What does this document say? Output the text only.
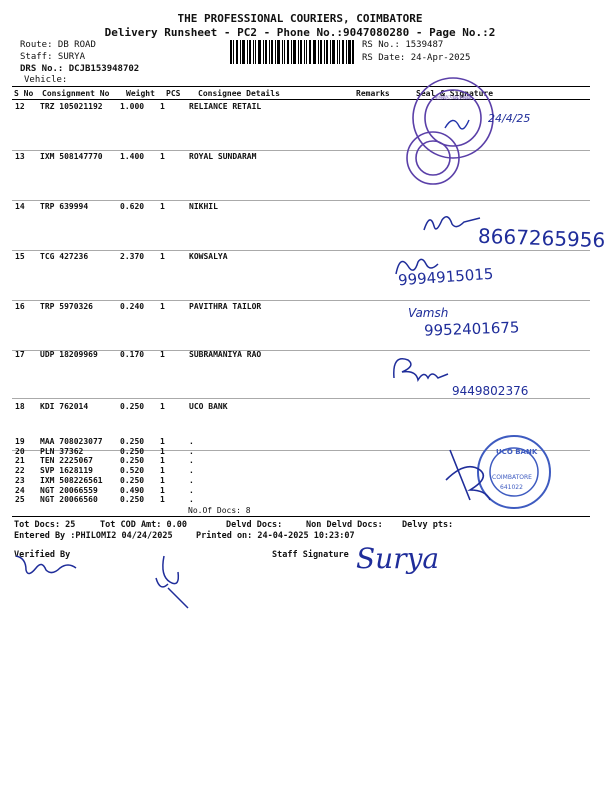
THE PROFESSIONAL COURIERS, COIMBATORE
Delivery Runsheet - PC2 - Phone No.:9047080280 - Page No.:2
Route: DB ROAD
Staff: SURYA
DRS No.: DCJB153948702
Vehicle:
RS No.: 1539487
RS Date: 24-Apr-2025
S No	Consignment No	Weight	PCS	Consignee Details	Remarks	Seal & Signature
12 TRZ 105021192 1.000 1	RELIANCE RETAIL
13 IXM 508147770 1.400 1	ROYAL SUNDARAM
14 TRP 639994	0.620 1	NIKHIL
15 TCG 427236	2.370 1	KOWSALYA
16 TRP 5970326	0.240 1	PAVITHRA TAILOR
17 UDP 18209969	0.170 1	SUBRAMANIYA RAO
18 KDI 762014	0.250 1	UCO BANK
19 MAA 708023077 0.250 1	.
20 PLN 37362	0.250 1	.
21 TEN 2225067	0.250 1	.
22 SVP 1628119	0.520 1	.
23 IXM 508226561 0.250 1	.
24 NGT 20066559	0.490 1	.
25 NGT 20066560	0.250 1	.
No.Of Docs: 8
HOLYBRANDS 25 MARAZATHRAMAN
24/4/25
8667265956
9994915015
Vamsh
9952401675
9449802376
UCO BANK
COIMBATORE
641022
Tot Docs: 25	Tot COD Amt: 0.00	Delvd Docs:	Non Delvd Docs: Delvy pts:
Entered By :PHILOMI2 04/24/2025	Printed on: 24-04-2025 10:23:07
Verified By	Staff Signature Surya
